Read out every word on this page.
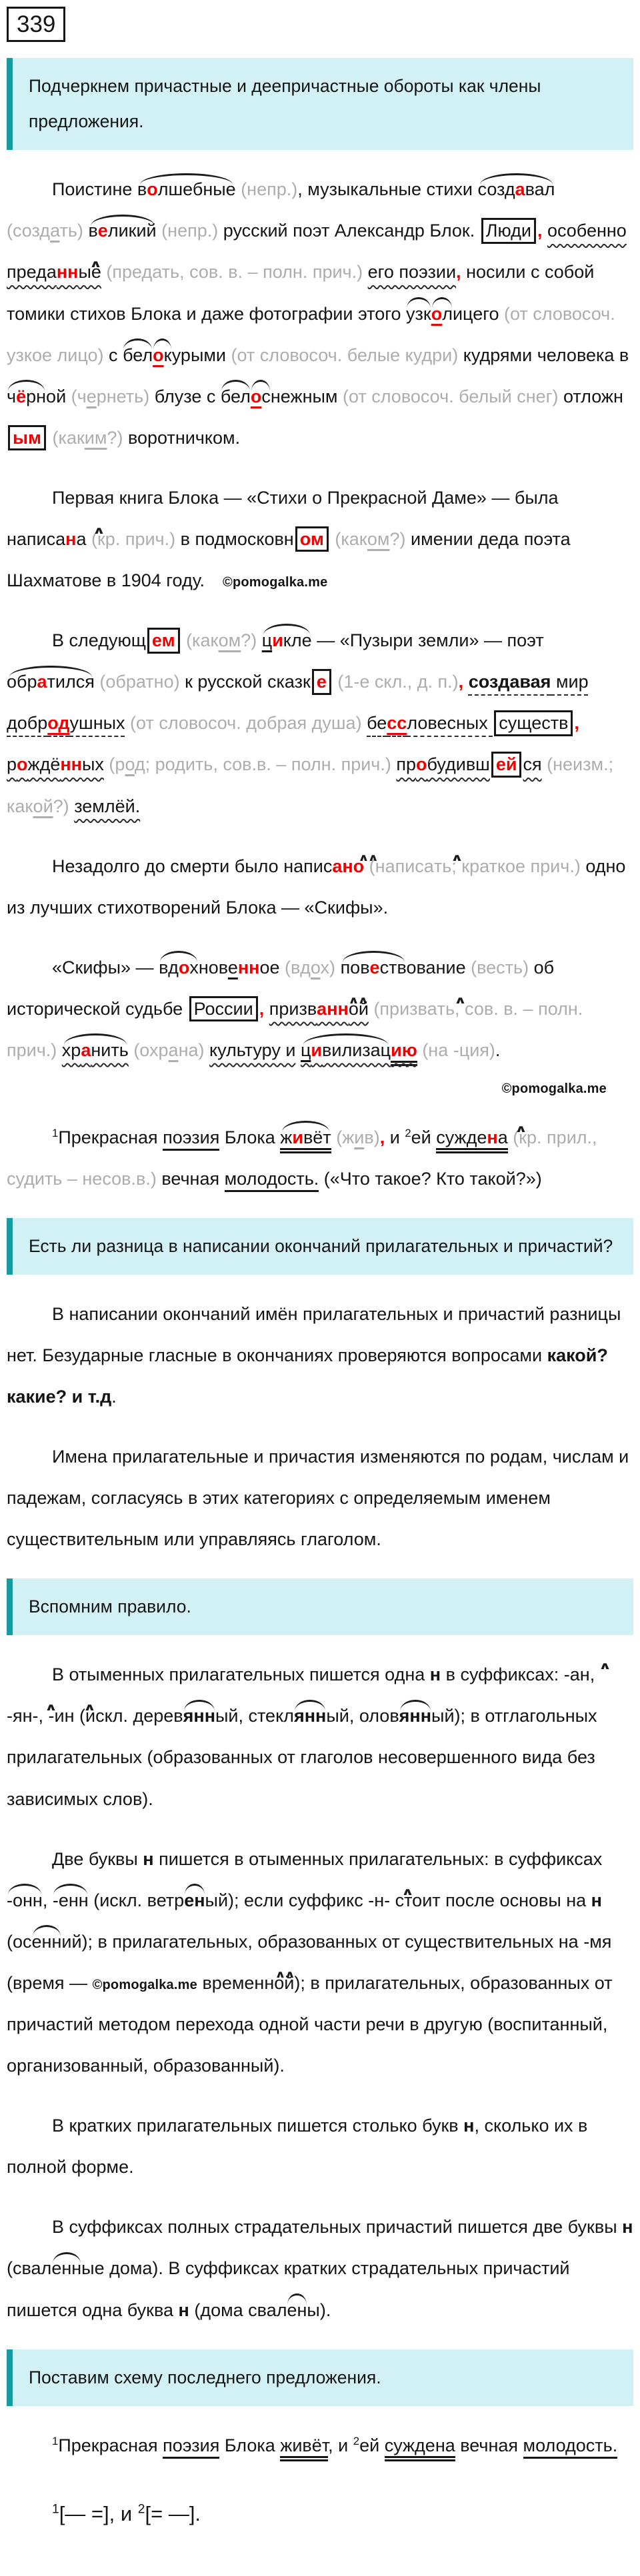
339
Подчеркнем причастные и деепричастные обороты как члены предложения.

Поистине волшебные (непр.), музыкальные стихи создавал (создать) великий (непр.) русский поэт Александр Блок. Люди , особенно преданн ∧ые (предать, сов. в. – полн. прич.) его поэзии, носили с собой томики стихов Блока и даже фотографии этого узколицего (от словосоч. узкое лицо) с белокурыми (от словосоч. белые кудри) кудрями человека в чёрной (чернеть) блузе с белоснежным (от словосоч. белый снег) отложным (каким?) воротничком.

Первая книга Блока — «Стихи о Прекрасной Даме» — была написан ∧а (кр. прич.) в подмосковн ом (каком?) имении деда поэта Шахматове в 1904 году. ©pomogalka.me

В следующ ем (каком?) цикле — «Пузыри земли» — поэт обратился (обратно) к русской сказк е (1-е скл., д. п.), создавая мир добродушных (от словосоч. добрая душа) бессловесных существ , рождённых (род; родить, сов.в. – полн. прич.) пробудивш ей ся (неизм.; какой?) землёй.

Незадолго до смерти было написан ∧∧о (написа ∧ть; краткое прич.) одно из лучших стихотворений Блока — «Скифы».

«Скифы» — вдохновенное (вдох) повествование (весть) об исторической судьбе России , призванн ∧∧ой (призва ∧ть, сов. в. – полн. прич.) хранить (охрана) культуру и цивилизацию (на -ция).

©pomogalka.me

$^1$Прекрасная поэзия Блока живёт (жив), и $^2$ей сужден ∧а (кр. прил., судить – несов.в.) вечная молодость. («Что такое? Кто такой?»)

Есть ли разница в написании окончаний прилагательных и причастий?

В написании окончаний имён прилагательных и причастий разницы нет. Безударные гласные в окончаниях проверяются вопросами какой? какие? и т.д.

Имена прилагательные и причастия изменяются по родам, числам и падежам, согласуясь в этих категориях с определяемым именем существительным или управляясь глаголом.

Вспомним правило.

В отыменных прилагательных пишется одна н в суффиксах: -ан ∧, -ян- ∧, -ин ∧ (искл. деревянный, стеклянный, оловянный); в отглагольных прилагательных (образованных от глаголов несовершенного вида без зависимых слов).

Две буквы н пишется в отыменных прилагательных: в суффиксах -онн, -енн (искл. ветреный); если суффикс -н- ∧ стоит после основы на н (осенний); в прилагательных, образованных от существительных на -мя (время — ©pomogalka.me временн ∧∧ой); в прилагательных, образованных от причастий методом перехода одной части речи в другую (воспитанный, организованный, образованный).

В кратких прилагательных пишется столько букв н, сколько их в полной форме.

В суффиксах полных страдательных причастий пишется две буквы н (сваленные дома). В суффиксах кратких страдательных причастий пишется одна буква н (дома свалены).

Поставим схему последнего предложения.

$^1$Прекрасная поэзия Блока живёт, и $^2$ей суждена вечная молодость.

$^1$[— =], и $^2$[= —].
